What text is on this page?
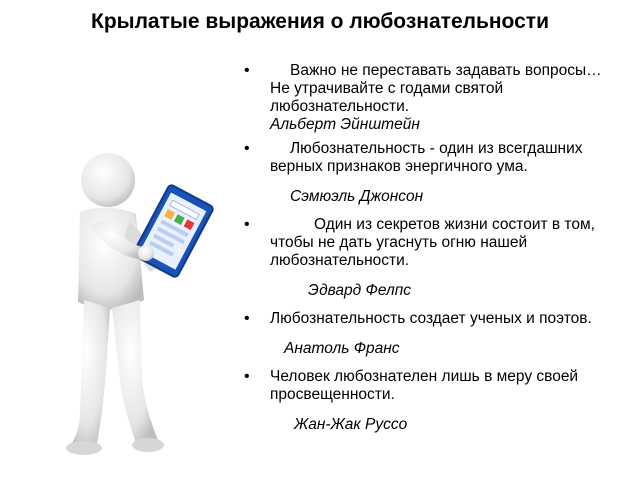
Крылатые выражения о любознательности
• Важно не переставать задавать вопросы…Не утрачивайте с годами святой любознательности.
Альберт Эйнштейн
• Любознательность - один из всегдашних верных признаков энергичного ума.
Сэмюэль Джонсон
• Один из секретов жизни состоит в том, чтобы не дать угаснуть огню нашей любознательности.
Эдвард Фелпс
• Любознательность создает ученых и поэтов.
Анатоль Франс
• Человек любознателен лишь в меру своей просвещенности.
Жан-Жак Руссо
